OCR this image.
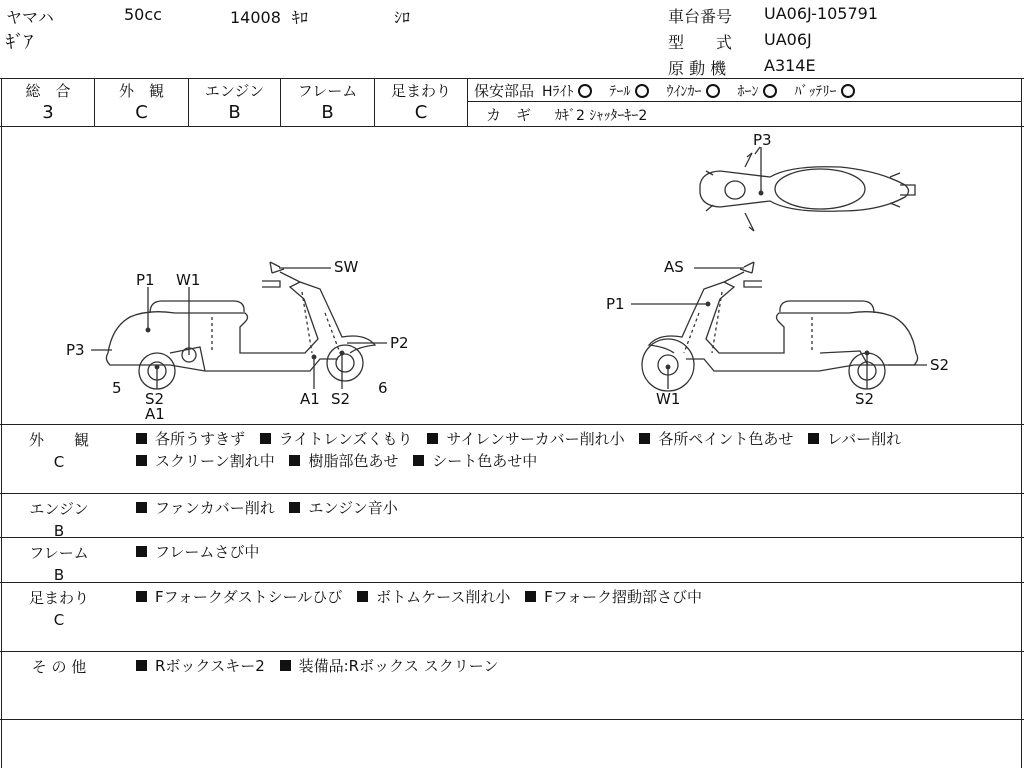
ヤマハ	50cc	14008 ｷﾛ	ｼﾛ
ｷﾞｱ
車台番号 UA06J-105791
型　　式 UA06J
原 動 機 A314E
総　合
3
外　観
C
エンジン
B
フレーム
B
足まわり
C
保安部品 Hﾗｲﾄ	ﾃｰﾙ	ｳｲﾝｶｰ	ﾎｰﾝ	ﾊﾞｯﾃﾘｰ
カ　ギ ｶｷﾞ2 ｼｬｯﾀｰｷｰ2
P3
SW
P1 W1
P3	P2
5
S2
A1
A1 S2
6
AS
P1
S2
W1	S2
外　　観
C
各所うすきず ライトレンズくもり サイレンサーカバー削れ小 各所ペイント色あせ レバー削れ
スクリーン割れ中 樹脂部色あせ シート色あせ中
エンジン
B
ファンカバー削れ エンジン音小
フレーム
B
フレームさび中
足まわり
C
Fフォークダストシールひび ボトムケース削れ小 Fフォーク摺動部さび中
そ の 他	Rボックスキー2 装備品:Rボックス スクリーン
